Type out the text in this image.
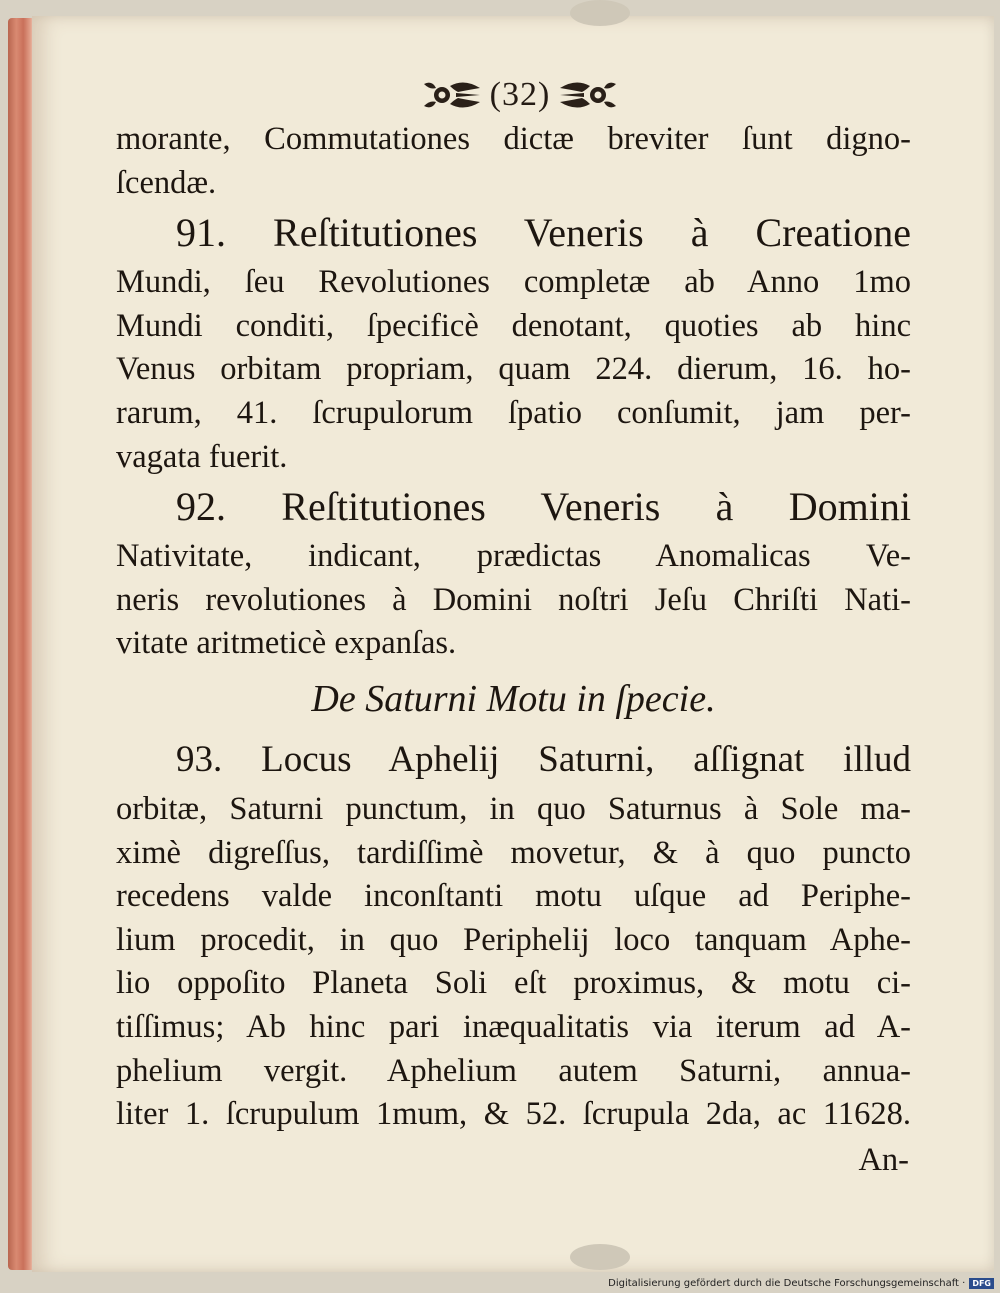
(32)
morante, Commutationes dictæ breviter ſunt digno-
ſcendæ.
91. Reſtitutiones Veneris à Creatione
Mundi, ſeu Revolutiones completæ ab Anno 1mo
Mundi conditi, ſpecificè denotant, quoties ab hinc
Venus orbitam propriam, quam 224. dierum, 16. ho-
rarum, 41. ſcrupulorum ſpatio conſumit, jam per-
vagata fuerit.
92. Reſtitutiones Veneris à Domini
Nativitate, indicant, prædictas Anomalicas Ve-
neris revolutiones à Domini noſtri Jeſu Chriſti Nati-
vitate aritmeticè expanſas.
De Saturni Motu in ſpecie.
93. Locus Aphelij Saturni, aſſignat illud
orbitæ, Saturni punctum, in quo Saturnus à Sole ma-
ximè digreſſus, tardiſſimè movetur, & à quo puncto
recedens valde inconſtanti motu uſque ad Periphe-
lium procedit, in quo Periphelij loco tanquam Aphe-
lio oppoſito Planeta Soli eſt proximus, & motu ci-
tiſſimus; Ab hinc pari inæqualitatis via iterum ad A-
phelium vergit. Aphelium autem Saturni, annua-
liter 1. ſcrupulum 1mum, & 52. ſcrupula 2da, ac 11628.
An-
Digitalisierung gefördert durch die Deutsche Forschungsgemeinschaft · DFG
